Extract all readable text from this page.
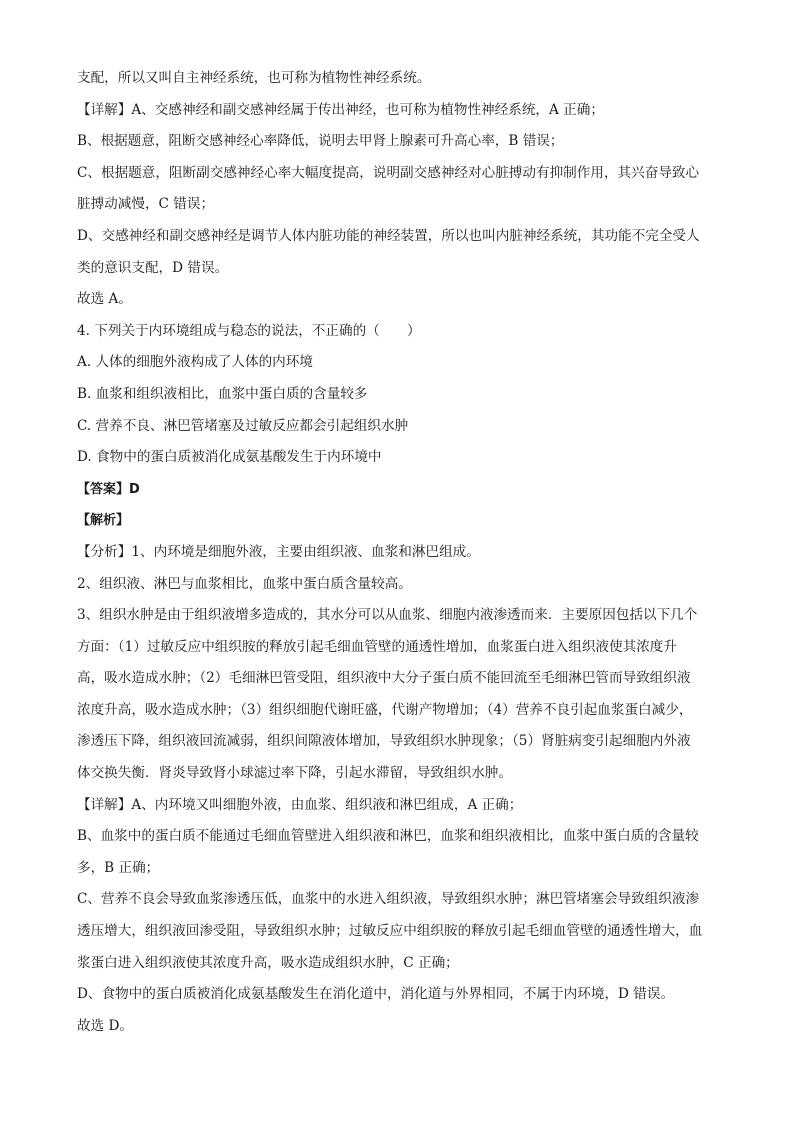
支配，所以又叫自主神经系统，也可称为植物性神经系统。
【详解】A、交感神经和副交感神经属于传出神经，也可称为植物性神经系统，A 正确；
B、根据题意，阻断交感神经心率降低，说明去甲肾上腺素可升高心率，B 错误；
C、根据题意，阻断副交感神经心率大幅度提高，说明副交感神经对心脏搏动有抑制作用，其兴奋导致心
脏搏动减慢，C 错误；
D、交感神经和副交感神经是调节人体内脏功能的神经装置，所以也叫内脏神经系统，其功能不完全受人
类的意识支配，D 错误。
故选 A。
4. 下列关于内环境组成与稳态的说法，不正确的（　　）
A. 人体的细胞外液构成了人体的内环境
B. 血浆和组织液相比，血浆中蛋白质的含量较多
C. 营养不良、淋巴管堵塞及过敏反应都会引起组织水肿
D. 食物中的蛋白质被消化成氨基酸发生于内环境中
【答案】D
【解析】
【分析】1、内环境是细胞外液，主要由组织液、血浆和淋巴组成。
2、组织液、淋巴与血浆相比，血浆中蛋白质含量较高。
3、组织水肿是由于组织液增多造成的，其水分可以从血浆、细胞内液渗透而来．主要原因包括以下几个
方面：（1）过敏反应中组织胺的释放引起毛细血管壁的通透性增加，血浆蛋白进入组织液使其浓度升
高，吸水造成水肿；（2）毛细淋巴管受阻，组织液中大分子蛋白质不能回流至毛细淋巴管而导致组织液
浓度升高，吸水造成水肿；（3）组织细胞代谢旺盛，代谢产物增加；（4）营养不良引起血浆蛋白减少，
渗透压下降，组织液回流减弱，组织间隙液体增加，导致组织水肿现象；（5）肾脏病变引起细胞内外液
体交换失衡．肾炎导致肾小球滤过率下降，引起水滞留，导致组织水肿。
【详解】A、内环境又叫细胞外液，由血浆、组织液和淋巴组成，A 正确；
B、血浆中的蛋白质不能通过毛细血管壁进入组织液和淋巴，血浆和组织液相比，血浆中蛋白质的含量较
多，B 正确；
C、营养不良会导致血浆渗透压低，血浆中的水进入组织液，导致组织水肿；淋巴管堵塞会导致组织液渗
透压增大，组织液回渗受阻，导致组织水肿；过敏反应中组织胺的释放引起毛细血管壁的通透性增大，血
浆蛋白进入组织液使其浓度升高，吸水造成组织水肿，C 正确；
D、食物中的蛋白质被消化成氨基酸发生在消化道中，消化道与外界相同，不属于内环境，D 错误。
故选 D。
